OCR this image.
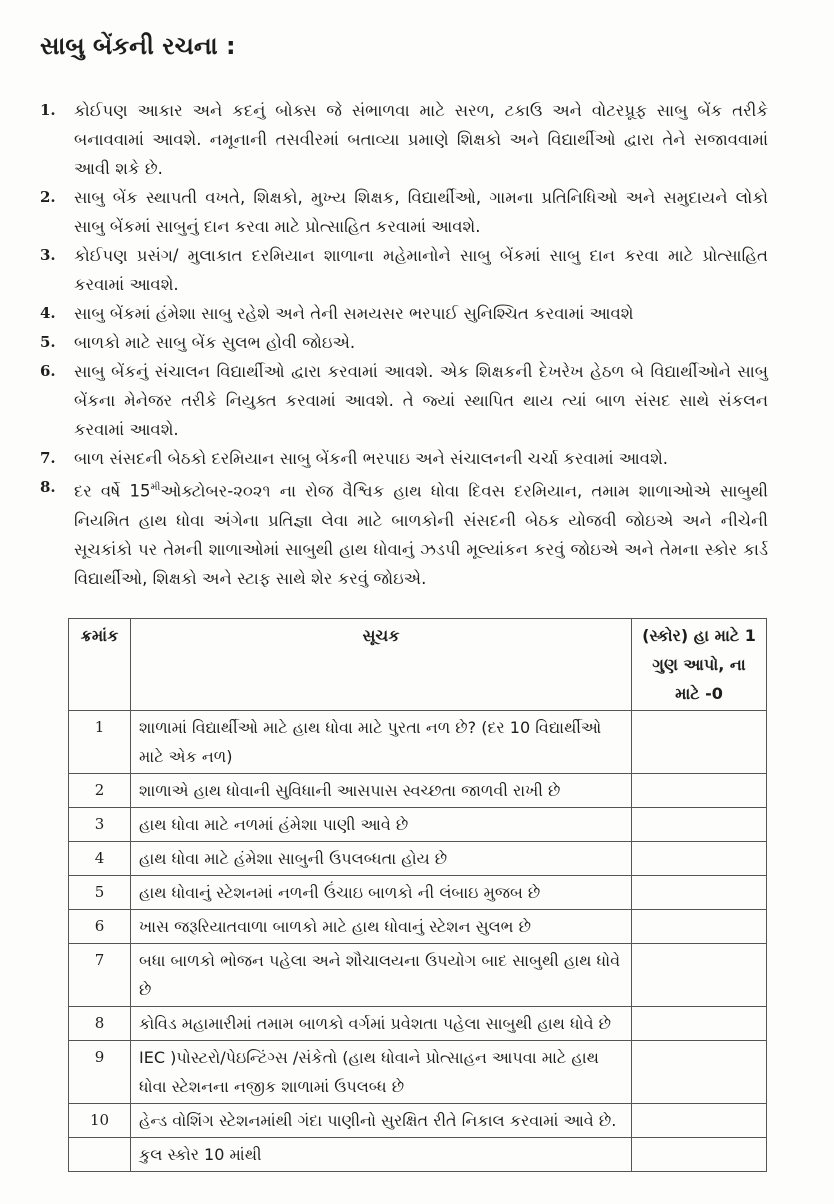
સાબુ બેંકની રચના :
1.	કોઈપણ આકાર અને કદનું બોક્સ જે સંભાળવા માટે સરળ, ટકાઉ અને વોટરપ્રૂફ સાબુ બેંક તરીકે બનાવવામાં આવશે. નમૂનાની તસવીરમાં બતાવ્યા પ્રમાણે શિક્ષકો અને વિદ્યાર્થીઓ દ્વારા તેને સજાવવામાં આવી શકે છે.
2.	સાબુ બેંક સ્થાપતી વખતે, શિક્ષકો, મુખ્ય શિક્ષક, વિદ્યાર્થીઓ, ગામના પ્રતિનિધિઓ અને સમુદાયને લોકો સાબુ બેંકમાં સાબુનું દાન કરવા માટે પ્રોત્સાહિત કરવામાં આવશે.
3.	કોઈપણ પ્રસંગ/ મુલાકાત દરમિયાન શાળાના મહેમાનોને સાબુ બેંકમાં સાબુ દાન કરવા માટે પ્રોત્સાહિત કરવામાં આવશે.
4.	સાબુ બેંકમાં હંમેશા સાબુ રહેશે અને તેની સમયસર ભરપાઈ સુનિશ્ચિત કરવામાં આવશે
5.	બાળકો માટે સાબુ બેંક સુલભ હોવી જોઇએ.
6.	સાબુ બેંકનું સંચાલન વિદ્યાર્થીઓ દ્વારા કરવામાં આવશે. એક શિક્ષકની દેખરેખ હેઠળ બે વિદ્યાર્થીઓને સાબુ બેંકના મેનેજર તરીકે નિયુક્ત કરવામાં આવશે. તે જ્યાં સ્થાપિત થાય ત્યાં બાળ સંસદ સાથે સંકલન કરવામાં આવશે.
7.	બાળ સંસદની બેઠકો દરમિયાન સાબુ બેંકની ભરપાઇ અને સંચાલનની ચર્ચા કરવામાં આવશે.
8.	દર વર્ષે $15^{મી}ઓક્ટોબર-૨૦૨૧$ ના રોજ વૈશ્વિક હાથ ધોવા દિવસ દરમિયાન, તમામ શાળાઓએ સાબુથી નિયમિત હાથ ધોવા અંગેના પ્રતિજ્ઞા લેવા માટે બાળકોની સંસદની બેઠક યોજવી જોઇએ અને નીચેની સૂચકાંકો પર તેમની શાળાઓમાં સાબુથી હાથ ધોવાનું ઝડપી મૂલ્યાંકન કરવું જોઇએ અને તેમના સ્કોર કાર્ડ વિદ્યાર્થીઓ, શિક્ષકો અને સ્ટાફ સાથે શેર કરવું જોઇએ.
ક્રમાંક	સૂચક	(સ્કોર) હા માટે 1 ગુણ આપો, ના માટે -0
1	શાળામાં વિદ્યાર્થીઓ માટે હાથ ધોવા માટે પુરતા નળ છે? (દર 10 વિદ્યાર્થીઓ માટે એક નળ)	
2	શાળાએ હાથ ધોવાની સુવિધાની આસપાસ સ્વચ્છતા જાળવી રાખી છે	
3	હાથ ધોવા માટે નળમાં હંમેશા પાણી આવે છે	
4	હાથ ધોવા માટે હંમેશા સાબુની ઉપલબ્ધતા હોય છે	
5	હાથ ધોવાનું સ્ટેશનમાં નળની ઉંચાઇ બાળકો ની લંબાઇ મુજબ છે	
6	ખાસ જરૂરિયાતવાળા બાળકો માટે હાથ ધોવાનું સ્ટેશન સુલભ છે	
7	બધા બાળકો ભોજન પહેલા અને શૌચાલયના ઉપયોગ બાદ સાબુથી હાથ ધોવે છે	
8	કોવિડ મહામારીમાં તમામ બાળકો વર્ગમાં પ્રવેશતા પહેલા સાબુથી હાથ ધોવે છે	
9	IEC )પોસ્ટરો/પેઇન્ટિંગ્સ /સંકેતો (હાથ ધોવાને પ્રોત્સાહન આપવા માટે હાથ ધોવા સ્ટેશનના નજીક શાળામાં ઉપલબ્ધ છે	
10	હેન્ડ વોશિંગ સ્ટેશનમાંથી ગંદા પાણીનો સુરક્ષિત રીતે નિકાલ કરવામાં આવે છે.	
	કુલ સ્કોર 10 માંથી	
